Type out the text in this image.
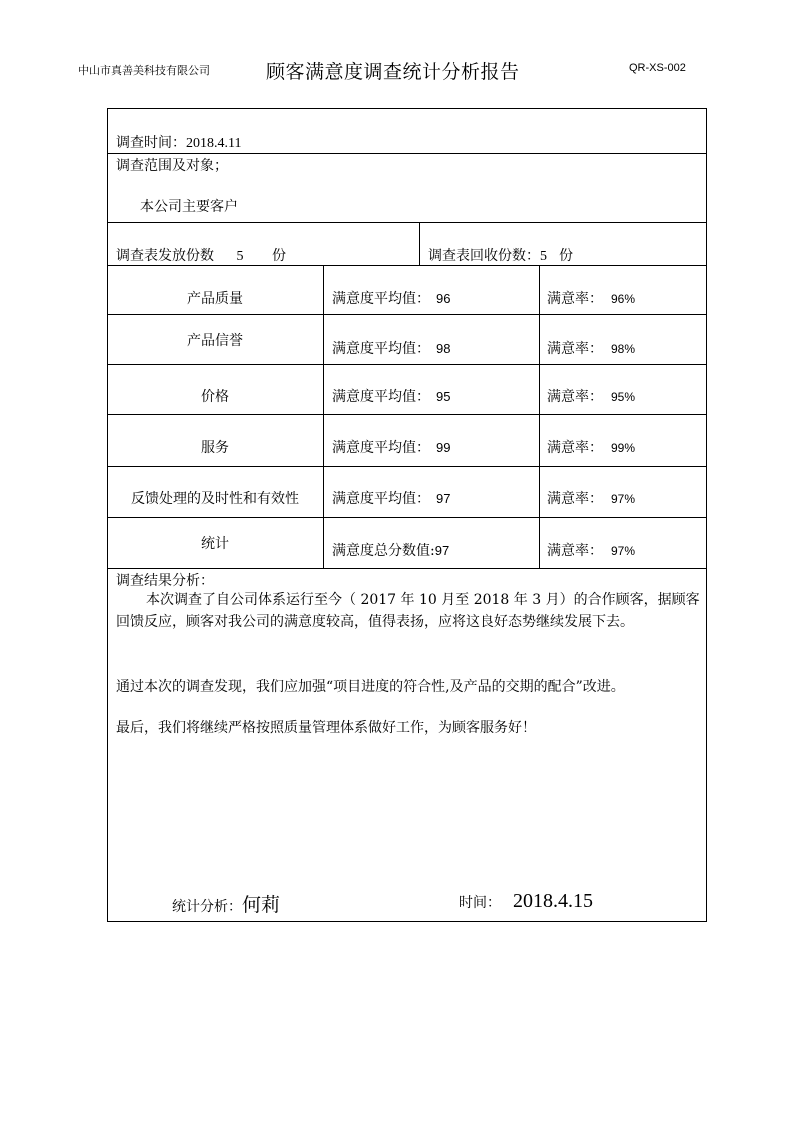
中山市真善美科技有限公司	顾客满意度调查统计分析报告	QR-XS-002
调查时间：2018.4.11
调查范围及对象；
本公司主要客户
调查表发放份数 5 份	调查表回收份数：5 份
产品质量	满意度平均值： 96	满意率： 96%
产品信誉	满意度平均值： 98	满意率： 98%
价格	满意度平均值： 95	满意率： 95%
服务	满意度平均值： 99	满意率： 99%
反馈处理的及时性和有效性	满意度平均值： 97	满意率： 97%
统计	满意度总分数值:97	满意率： 97%
调查结果分析：
本次调查了自公司体系运行至今（ 2017 年 10 月至 2018 年 3 月）的合作顾客，据顾客回馈反应，顾客对我公司的满意度较高，值得表扬，应将这良好态势继续发展下去。
通过本次的调查发现，我们应加强“项目进度的符合性,及产品的交期的配合”改进。
最后，我们将继续严格按照质量管理体系做好工作，为顾客服务好！
统计分析：何莉	时间： 2018.4.15
